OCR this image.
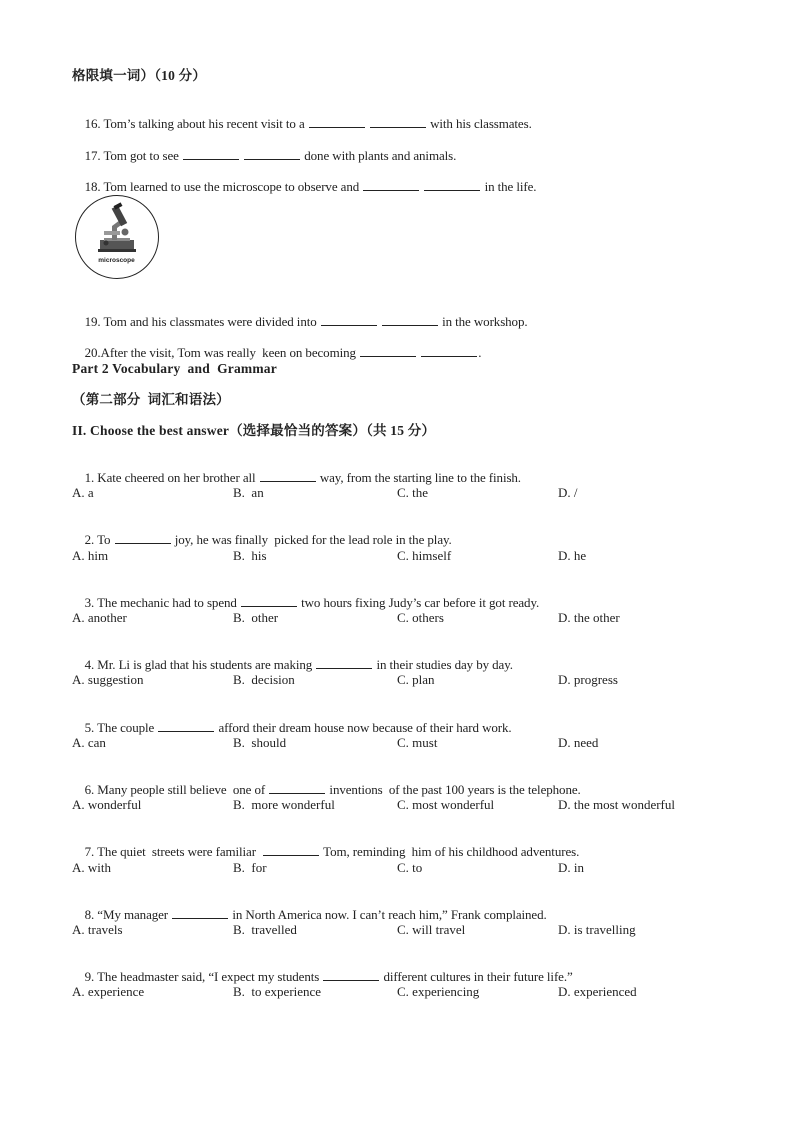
格限填一词）（10 分）

16. Tom’s talking about his recent visit to a	with his classmates.

17. Tom got to see	done with plants and animals.

18. Tom learned to use the microscope to observe and	in the life.

microscope

19. Tom and his classmates were divided into	in the workshop.

20.After the visit, Tom was really  keen on becoming	.

Part 2 Vocabulary  and  Grammar
（第二部分  词汇和语法）
II. Choose the best answer（选择最恰当的答案）（共 15 分）

1. Kate cheered on her brother all	way, from the starting line to the finish.

A. a	B.  an	C. the	D. /

2. To	joy, he was finally  picked for the lead role in the play.

A. him	B.  his	C. himself	D. he

3. The mechanic had to spend	two hours fixing Judy’s car before it got ready.

A. another	B.  other	C. others	D. the other

4. Mr. Li is glad that his students are making	in their studies day by day.

A. suggestion	B.  decision	C. plan	D. progress

5. The couple	afford their dream house now because of their hard work.

A. can	B.  should	C. must	D. need

6. Many people still believe  one of	inventions  of the past 100 years is the telephone.

A. wonderful	B.  more wonderful	C. most wonderful	D. the most wonderful

7. The quiet  streets were familiar	Tom, reminding  him of his childhood adventures.

A. with	B.  for	C. to	D. in

8. “My manager	in North America now. I can’t reach him,” Frank complained.

A. travels	B.  travelled	C. will travel	D. is travelling

9. The headmaster said, “I expect my students	different cultures in their future life.”

A. experience	B.  to experience	C. experiencing	D. experienced
